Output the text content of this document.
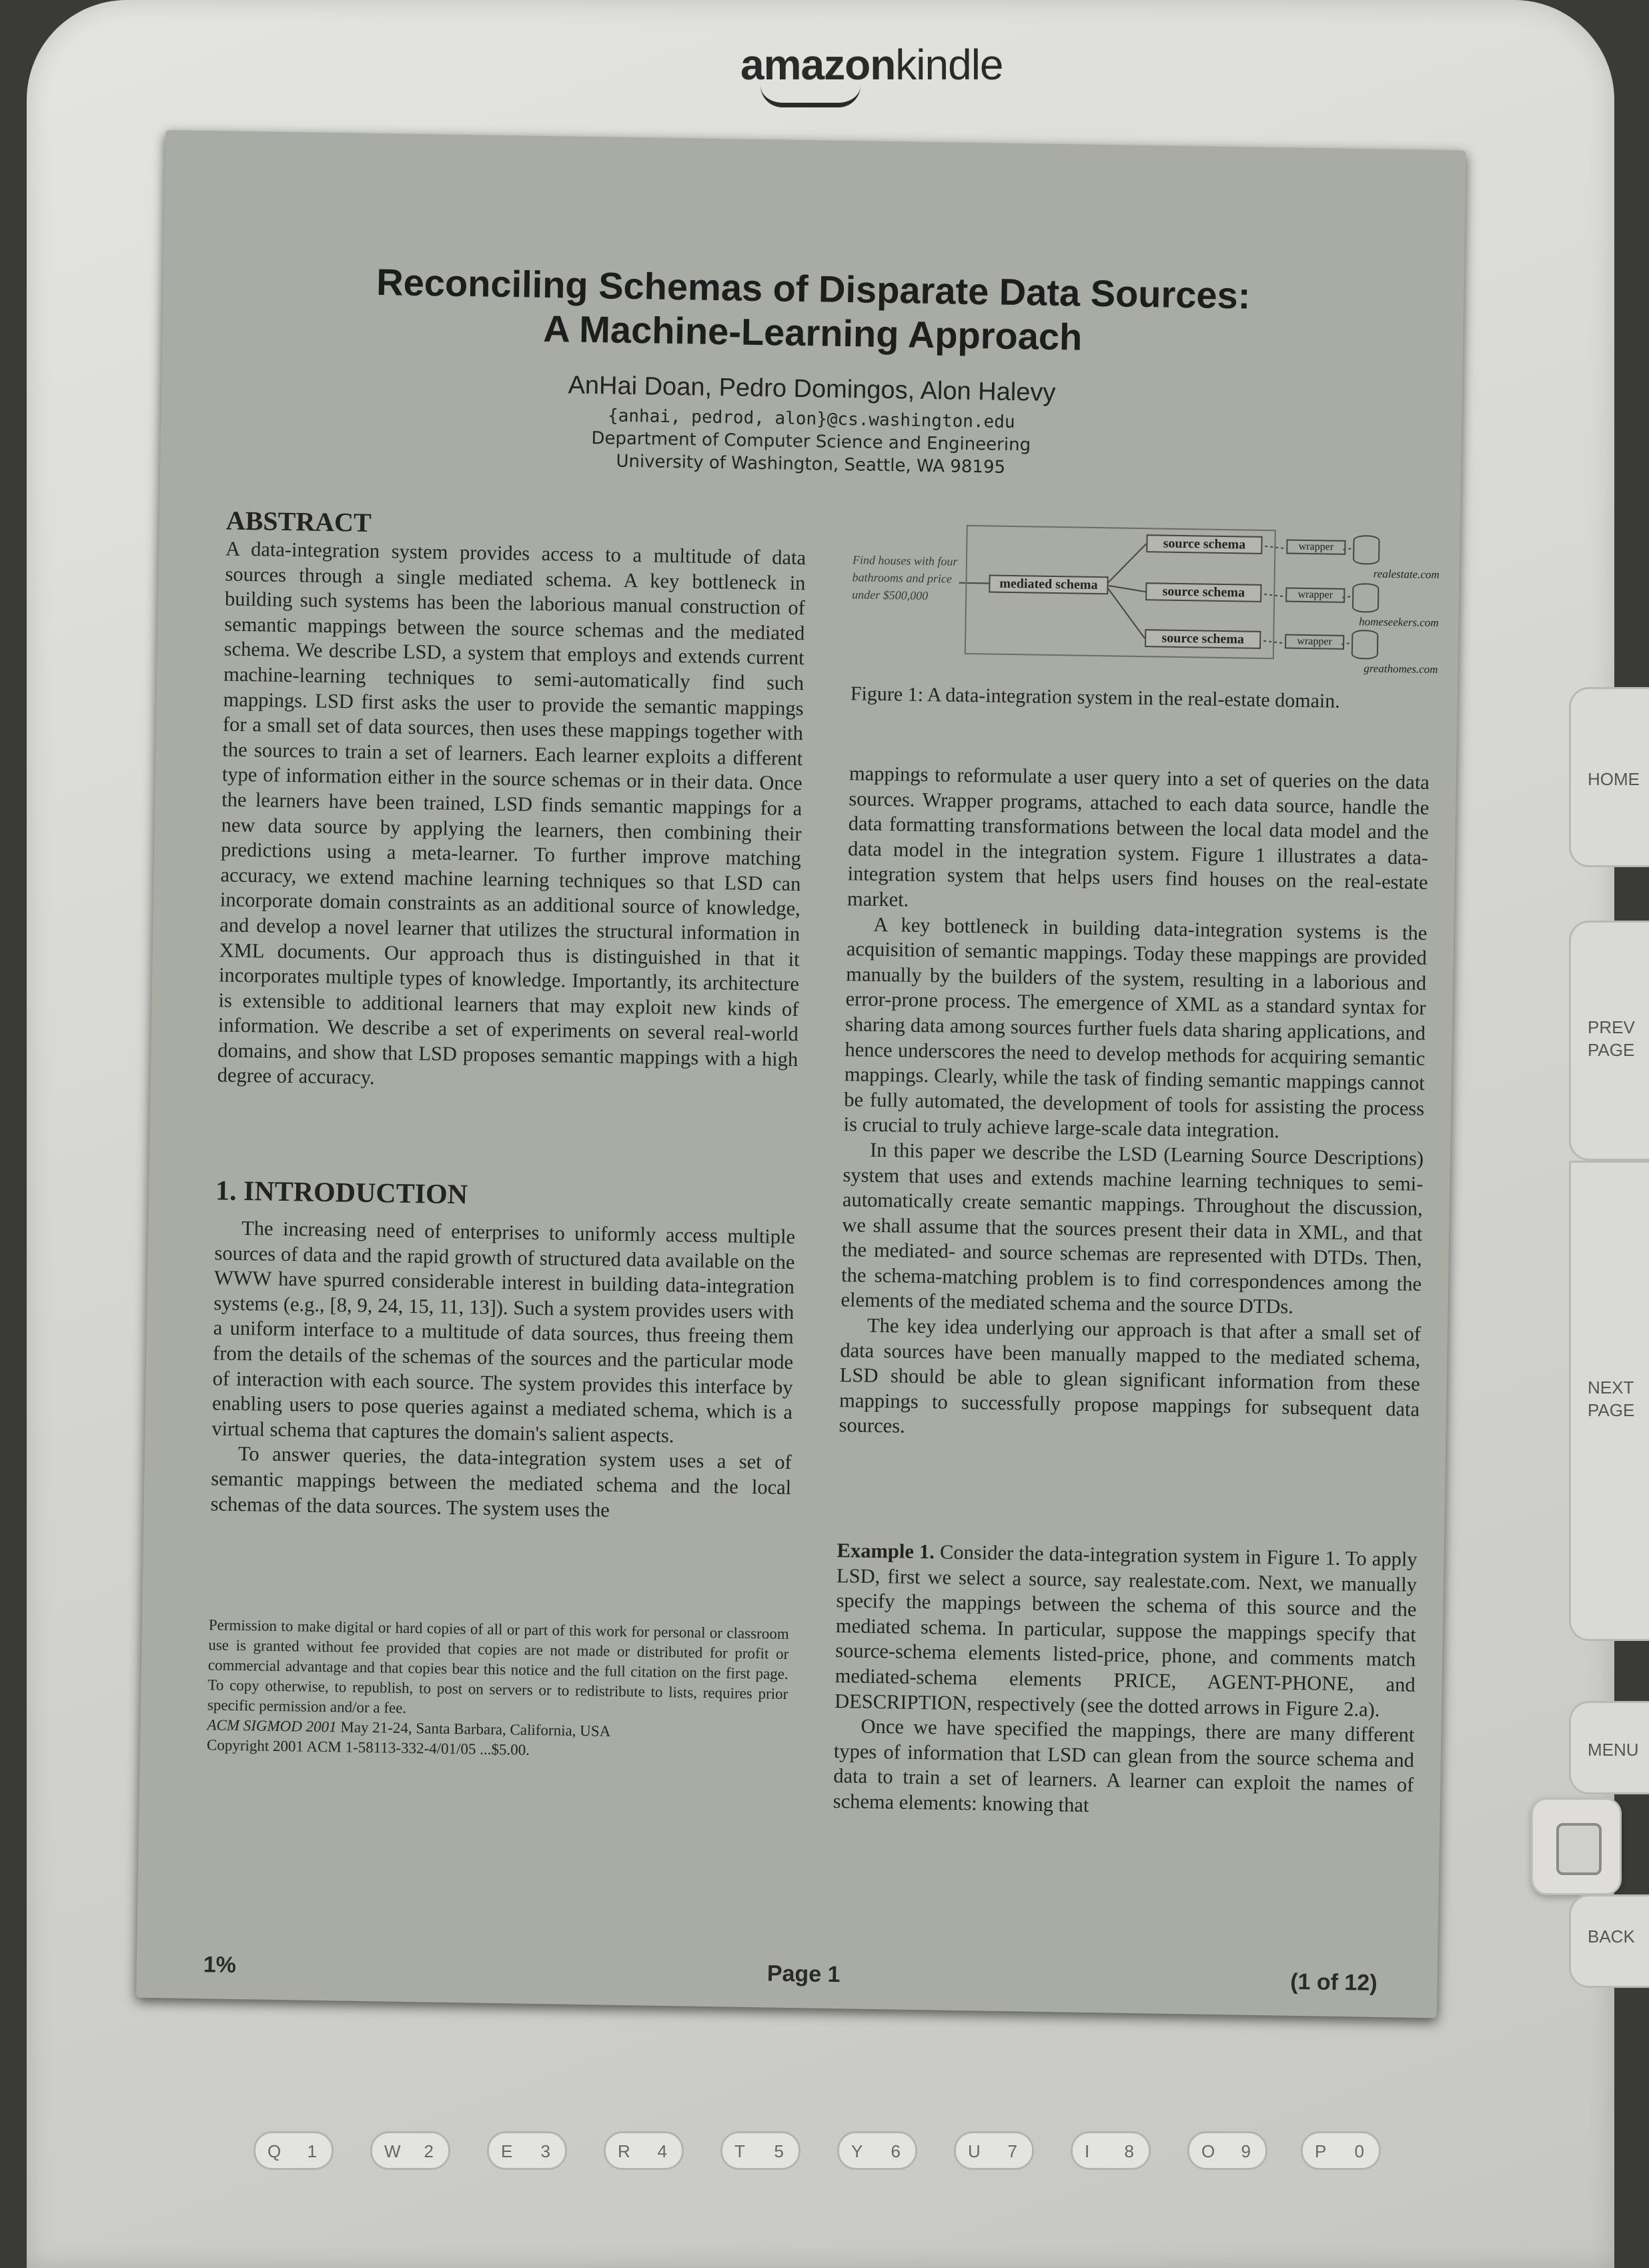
amazonkindle
Reconciling Schemas of Disparate Data Sources:
A Machine-Learning Approach
AnHai Doan, Pedro Domingos, Alon Halevy
{anhai, pedrod, alon}@cs.washington.edu
Department of Computer Science and Engineering
University of Washington, Seattle, WA 98195
ABSTRACT

A data-integration system provides access to a multitude of data sources through a single mediated schema. A key bottleneck in building such systems has been the laborious manual construction of semantic mappings between the source schemas and the mediated schema. We describe LSD, a system that employs and extends current machine-learning techniques to semi-automatically find such mappings. LSD first asks the user to provide the semantic mappings for a small set of data sources, then uses these mappings together with the sources to train a set of learners. Each learner exploits a different type of information either in the source schemas or in their data. Once the learners have been trained, LSD finds semantic mappings for a new data source by applying the learners, then combining their predictions using a meta-learner. To further improve matching accuracy, we extend machine learning techniques so that LSD can incorporate domain constraints as an additional source of knowledge, and develop a novel learner that utilizes the structural information in XML documents. Our approach thus is distinguished in that it incorporates multiple types of knowledge. Importantly, its architecture is extensible to additional learners that may exploit new kinds of information. We describe a set of experiments on several real-world domains, and show that LSD proposes semantic mappings with a high degree of accuracy.

1. INTRODUCTION

The increasing need of enterprises to uniformly access multiple sources of data and the rapid growth of structured data available on the WWW have spurred considerable interest in building data-integration systems (e.g., [8, 9, 24, 15, 11, 13]). Such a system provides users with a uniform interface to a multitude of data sources, thus freeing them from the details of the schemas of the sources and the particular mode of interaction with each source. The system provides this interface by enabling users to pose queries against a mediated schema, which is a virtual schema that captures the domain's salient aspects.

To answer queries, the data-integration system uses a set of semantic mappings between the mediated schema and the local schemas of the data sources. The system uses the

Permission to make digital or hard copies of all or part of this work for personal or classroom use is granted without fee provided that copies are not made or distributed for profit or commercial advantage and that copies bear this notice and the full citation on the first page. To copy otherwise, to republish, to post on servers or to redistribute to lists, requires prior specific permission and/or a fee.
ACM SIGMOD 2001 May 21-24, Santa Barbara, California, USA
Copyright 2001 ACM 1-58113-332-4/01/05 ...$5.00.
Find houses with four bathrooms and price under $500,000
mediated schema
source schema
source schema
source schema
wrapper
wrapper
wrapper
realestate.com
homeseekers.com
greathomes.com
Figure 1: A data-integration system in the real-estate domain.

mappings to reformulate a user query into a set of queries on the data sources. Wrapper programs, attached to each data source, handle the data formatting transformations between the local data model and the data model in the integration system. Figure 1 illustrates a data-integration system that helps users find houses on the real-estate market.

A key bottleneck in building data-integration systems is the acquisition of semantic mappings. Today these mappings are provided manually by the builders of the system, resulting in a laborious and error-prone process. The emergence of XML as a standard syntax for sharing data among sources further fuels data sharing applications, and hence underscores the need to develop methods for acquiring semantic mappings. Clearly, while the task of finding semantic mappings cannot be fully automated, the development of tools for assisting the process is crucial to truly achieve large-scale data integration.

In this paper we describe the LSD (Learning Source Descriptions) system that uses and extends machine learning techniques to semi-automatically create semantic mappings. Throughout the discussion, we shall assume that the sources present their data in XML, and that the mediated- and source schemas are represented with DTDs. Then, the schema-matching problem is to find correspondences among the elements of the mediated schema and the source DTDs.

The key idea underlying our approach is that after a small set of data sources have been manually mapped to the mediated schema, LSD should be able to glean significant information from these mappings to successfully propose mappings for subsequent data sources.

Example 1. Consider the data-integration system in Figure 1. To apply LSD, first we select a source, say realestate.com. Next, we manually specify the mappings between the schema of this source and the mediated schema. In particular, suppose the mappings specify that source-schema elements listed-price, phone, and comments match mediated-schema elements PRICE, AGENT-PHONE, and DESCRIPTION, respectively (see the dotted arrows in Figure 2.a).

Once we have specified the mappings, there are many different types of information that LSD can glean from the source schema and data to train a set of learners. A learner can exploit the names of schema elements: knowing that

1%	Page 1	(1 of 12)
HOME
PREV
PAGE
NEXT
PAGE
MENU
BACK
Q 1	W 2	E 3	R 4	T 5	Y 6	U 7	I 8	O 9	P 0
